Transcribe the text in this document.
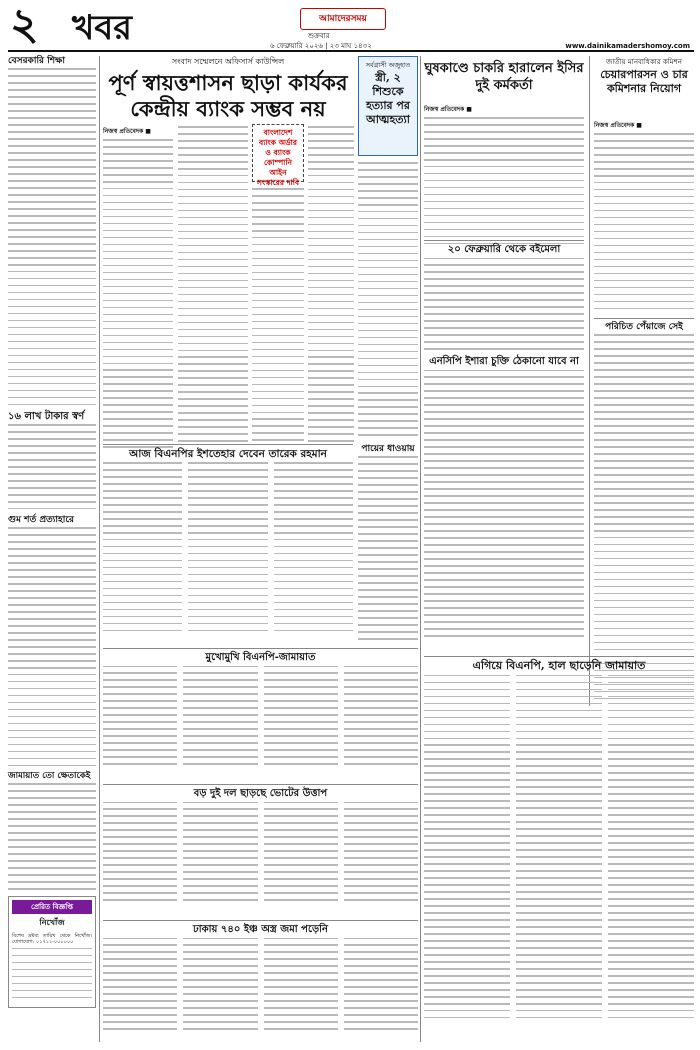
২ খবর	আমাদেরসময়
শুক্রবার
৬ ফেব্রুয়ারি ২০২৬ | ২৩ মাঘ ১৪৩২	www.dainikamadershomoy.com
বেসরকারি শিক্ষা
১৬ লাখ টাকার স্বর্ণ
গুম শর্ত প্রত্যাহারে
জামায়াত তো ক্ষেতাকেই
প্রেরিত বিজ্ঞপ্তি
নিখোঁজ
বিশেষ দ্রষ্টব্য তারিখ থেকে নিখোঁজ। যোগাযোগ: ০১৭১১-০০০০০০
সংবাদ সম্মেলনে অফিসার্স কাউন্সিল
পূর্ণ স্বায়ত্তশাসন ছাড়া কার্যকর কেন্দ্রীয় ব্যাংক সম্ভব নয়
নিজস্ব প্রতিবেদক ■	বাংলাদেশ ব্যাংক অর্ডার ও ব্যাংক কোম্পানি আইন সংস্কারের দাবি
সর্বগ্রাসী অজুহাত
স্ত্রী, ২ শিশুকে হত্যার পর আত্মহত্যা
ঘুষকাণ্ডে চাকরি হারালেন ইসির দুই কর্মকর্তা
নিজস্ব প্রতিবেদক ■
২০ ফেব্রুয়ারি থেকে বইমেলা
এনসিপি ইশারা চুক্তি ঠেকানো যাবে না
জাতীয় মানবাধিকার কমিশন
চেয়ারপারসন ও চার কমিশনার নিয়োগ
নিজস্ব প্রতিবেদক ■
পরিচিত পেঁয়াজে সেই
আজ বিএনপির ইশতেহার দেবেন তারেক রহমান	পায়ের ধাওয়ায়
মুখোমুখি বিএনপি-জামায়াত
এগিয়ে বিএনপি, হাল ছাড়েনি জামায়াত
বড় দুই দল ছাড়ছে ভোটের উত্তাপ
ঢাকায় ৭৪০ ইঞ্চ অস্ত্র জমা পড়েনি
